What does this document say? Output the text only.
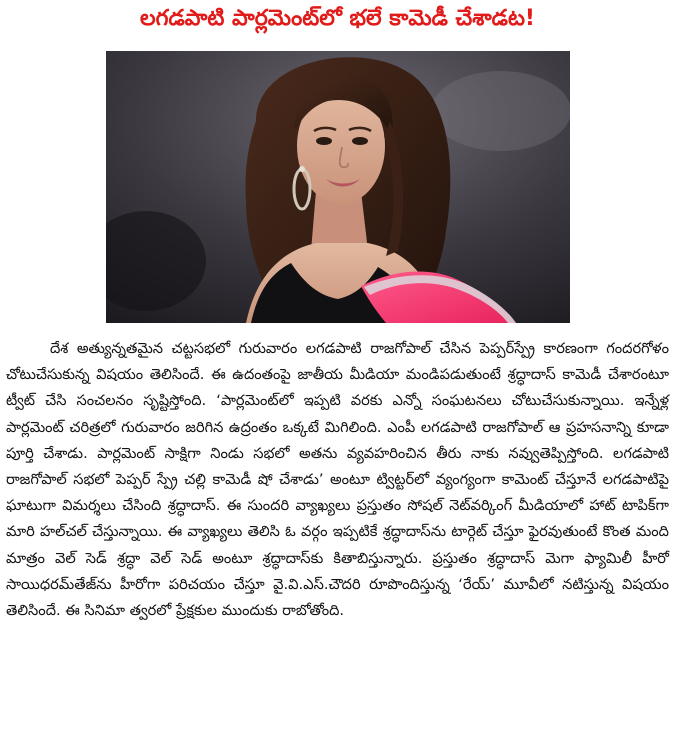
లగడపాటి పార్లమెంట్‌లో భలే కామెడీ చేశాడట!

దేశ అత్యున్నతమైన చట్టసభలో గురువారం లగడపాటి రాజగోపాల్ చేసిన పెప్పర్‌స్ప్రే కారణంగా గందరగోళం చోటుచేసుకున్న విషయం తెలిసిందే. ఈ ఉదంతంపై జాతీయ మీడియా మండిపడుతుంటే శ్రద్ధాదాస్ కామెడీ చేశారంటూ ట్వీట్ చేసి సంచలనం సృష్టిస్తోంది. ‘పార్లమెంట్‌లో ఇప్పటి వరకు ఎన్నో సంఘటనలు చోటుచేసుకున్నాయి. ఇన్నేళ్ల పార్లమెంట్ చరిత్రలో గురువారం జరిగిన ఉద్రంతం ఒక్కటే మిగిలింది. ఎంపీ లగడపాటి రాజగోపాల్ ఆ ప్రహసనాన్ని కూడా పూర్తి చేశాడు. పార్లమెంట్ సాక్షిగా నిండు సభలో అతను వ్యవహరించిన తీరు నాకు నవ్వుతెప్పిస్తోంది. లగడపాటి రాజగోపాల్ సభలో పెప్పర్ స్ప్రే చల్లి కామెడీ షో చేశాడు’ అంటూ ట్విట్టర్‌లో వ్యంగ్యంగా కామెంట్ చేస్తూనే లగడపాటిపై ఘాటుగా విమర్శలు చేసింది శ్రద్ధాదాస్. ఈ సుందరి వ్యాఖ్యలు ప్రస్తుతం సోషల్ నెట్‌వర్కింగ్ మీడియాలో హాట్ టాపిక్‌గా మారి హల్‌చల్ చేస్తున్నాయి. ఈ వ్యాఖ్యలు తెలిసి ఓ వర్గం ఇప్పటికే శ్రద్ధాదాస్‌ను టార్గెట్ చేస్తూ ఫైరవుతుంటే కొంత మంది మాత్రం వెల్ సెడ్ శ్రద్ధా వెల్ సెడ్ అంటూ శ్రద్ధాదాస్‌కు కితాబిస్తున్నారు. ప్రస్తుతం శ్రద్ధాదాస్ మెగా ఫ్యామిలీ హీరో సాయిధరమ్‌తేజ్‌ను హీరోగా పరిచయం చేస్తూ వై.వి.ఎస్.చౌదరి రూపొందిస్తున్న ‘రేయ్’ మూవీలో నటిస్తున్న విషయం తెలిసిందే. ఈ సినిమా త్వరలో ప్రేక్షకుల ముందుకు రాబోతోంది.
